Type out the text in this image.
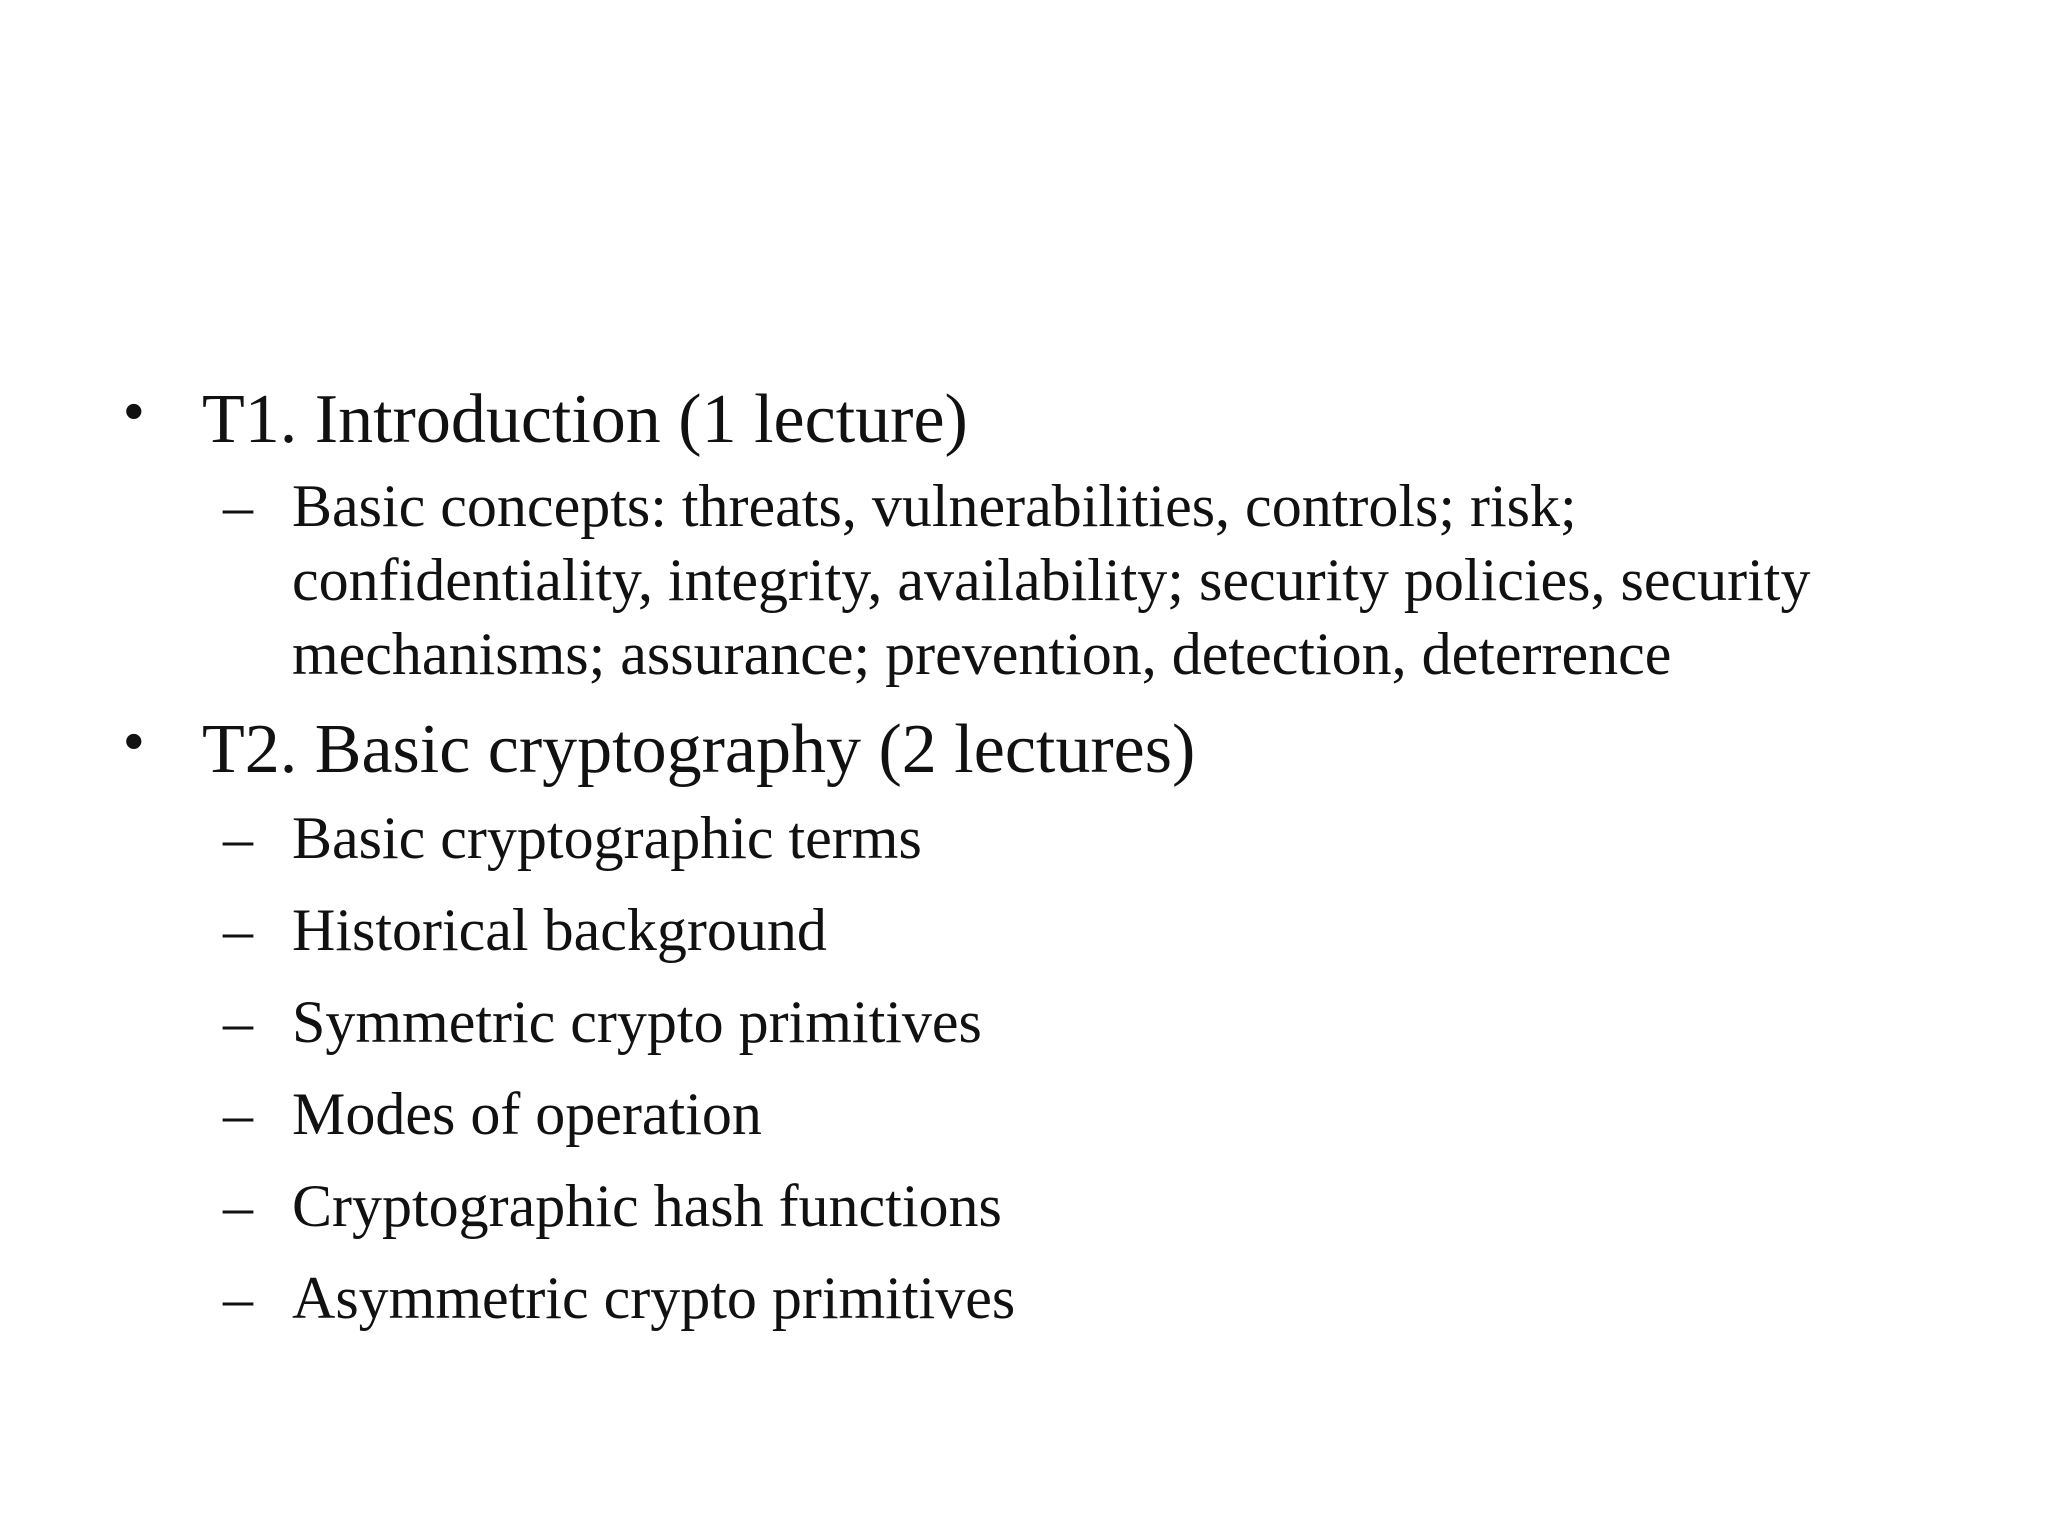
• T1. Introduction (1 lecture)

– Basic concepts: threats, vulnerabilities, controls; risk; confidentiality, integrity, availability; security policies, security mechanisms; assurance; prevention, detection, deterrence
• T2. Basic cryptography (2 lectures)

– Basic cryptographic terms
– Historical background
– Symmetric crypto primitives
– Modes of operation
– Cryptographic hash functions
– Asymmetric crypto primitives
